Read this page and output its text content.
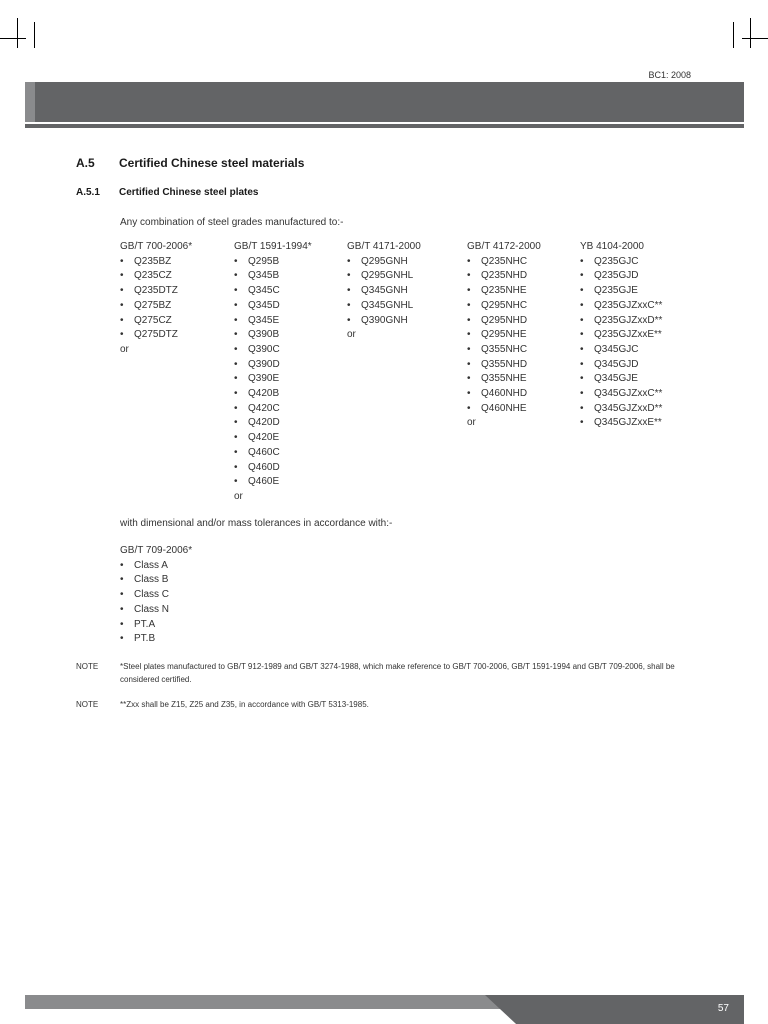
BC1: 2008
A.5 Certified Chinese steel materials
A.5.1 Certified Chinese steel plates
Any combination of steel grades manufactured to:-
GB/T 700-2006*
• Q235BZ
• Q235CZ
• Q235DTZ
• Q275BZ
• Q275CZ
• Q275DTZ
or
GB/T 1591-1994*
• Q295B
• Q345B
• Q345C
• Q345D
• Q345E
• Q390B
• Q390C
• Q390D
• Q390E
• Q420B
• Q420C
• Q420D
• Q420E
• Q460C
• Q460D
• Q460E
or
GB/T 4171-2000
• Q295GNH
• Q295GNHL
• Q345GNH
• Q345GNHL
• Q390GNH
or
GB/T 4172-2000
• Q235NHC
• Q235NHD
• Q235NHE
• Q295NHC
• Q295NHD
• Q295NHE
• Q355NHC
• Q355NHD
• Q355NHE
• Q460NHD
• Q460NHE
or
YB 4104-2000
• Q235GJC
• Q235GJD
• Q235GJE
• Q235GJZxxC**
• Q235GJZxxD**
• Q235GJZxxE**
• Q345GJC
• Q345GJD
• Q345GJE
• Q345GJZxxC**
• Q345GJZxxD**
• Q345GJZxxE**
with dimensional and/or mass tolerances in accordance with:-
GB/T 709-2006*
• Class A
• Class B
• Class C
• Class N
• PT.A
• PT.B
NOTE	*Steel plates manufactured to GB/T 912-1989 and GB/T 3274-1988, which make reference to GB/T 700-2006, GB/T 1591-1994 and GB/T 709-2006, shall be considered certified.
NOTE	**Zxx shall be Z15, Z25 and Z35, in accordance with GB/T 5313-1985.
57
